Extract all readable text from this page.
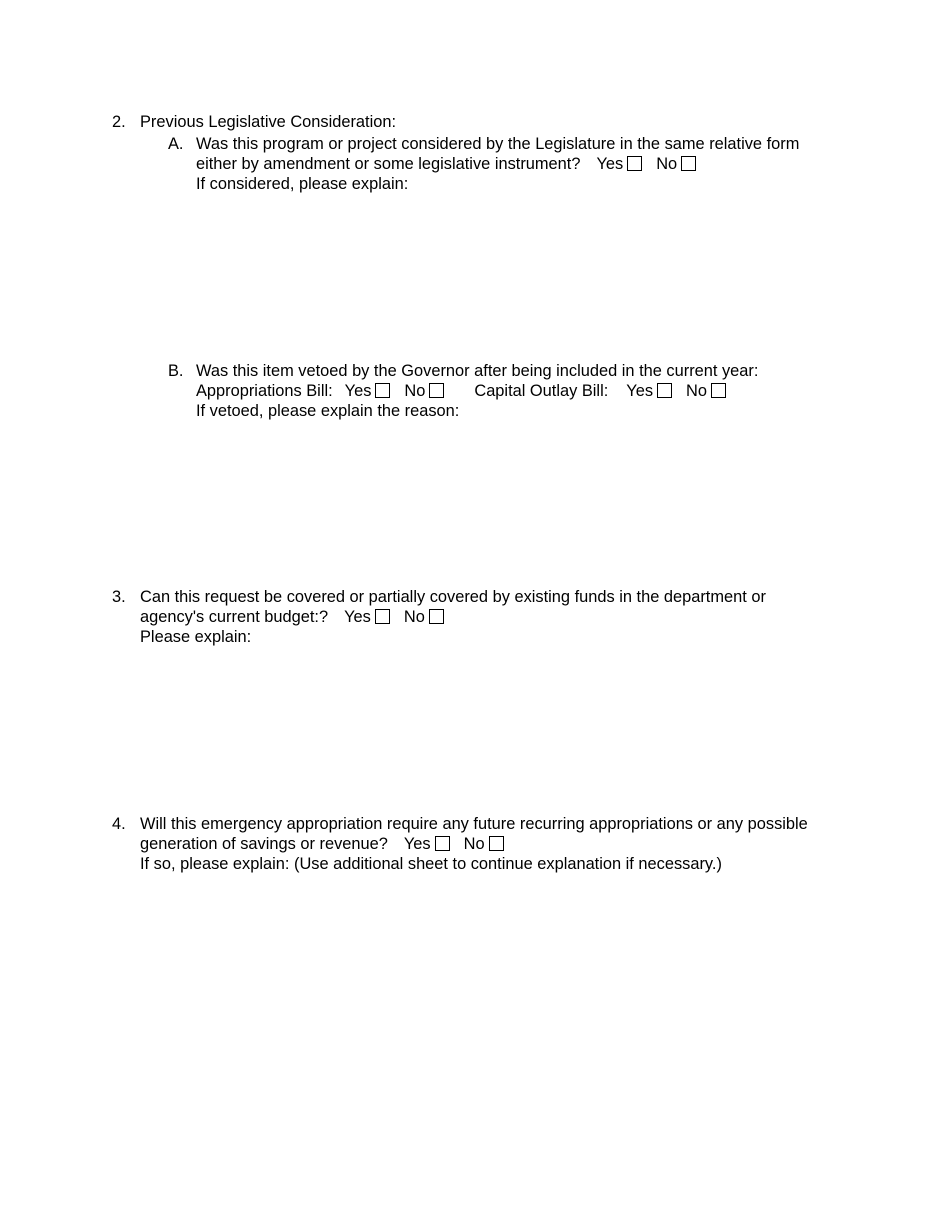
2. Previous Legislative Consideration:
A. Was this program or project considered by the Legislature in the same relative form
either by amendment or some legislative instrument? Yes No
If considered, please explain:
B. Was this item vetoed by the Governor after being included in the current year:
Appropriations Bill: Yes No	Capital Outlay Bill: Yes No
If vetoed, please explain the reason:
3. Can this request be covered or partially covered by existing funds in the department or
agency's current budget:? Yes No
Please explain:
4. Will this emergency appropriation require any future recurring appropriations or any possible
generation of savings or revenue? Yes No
If so, please explain: (Use additional sheet to continue explanation if necessary.)
